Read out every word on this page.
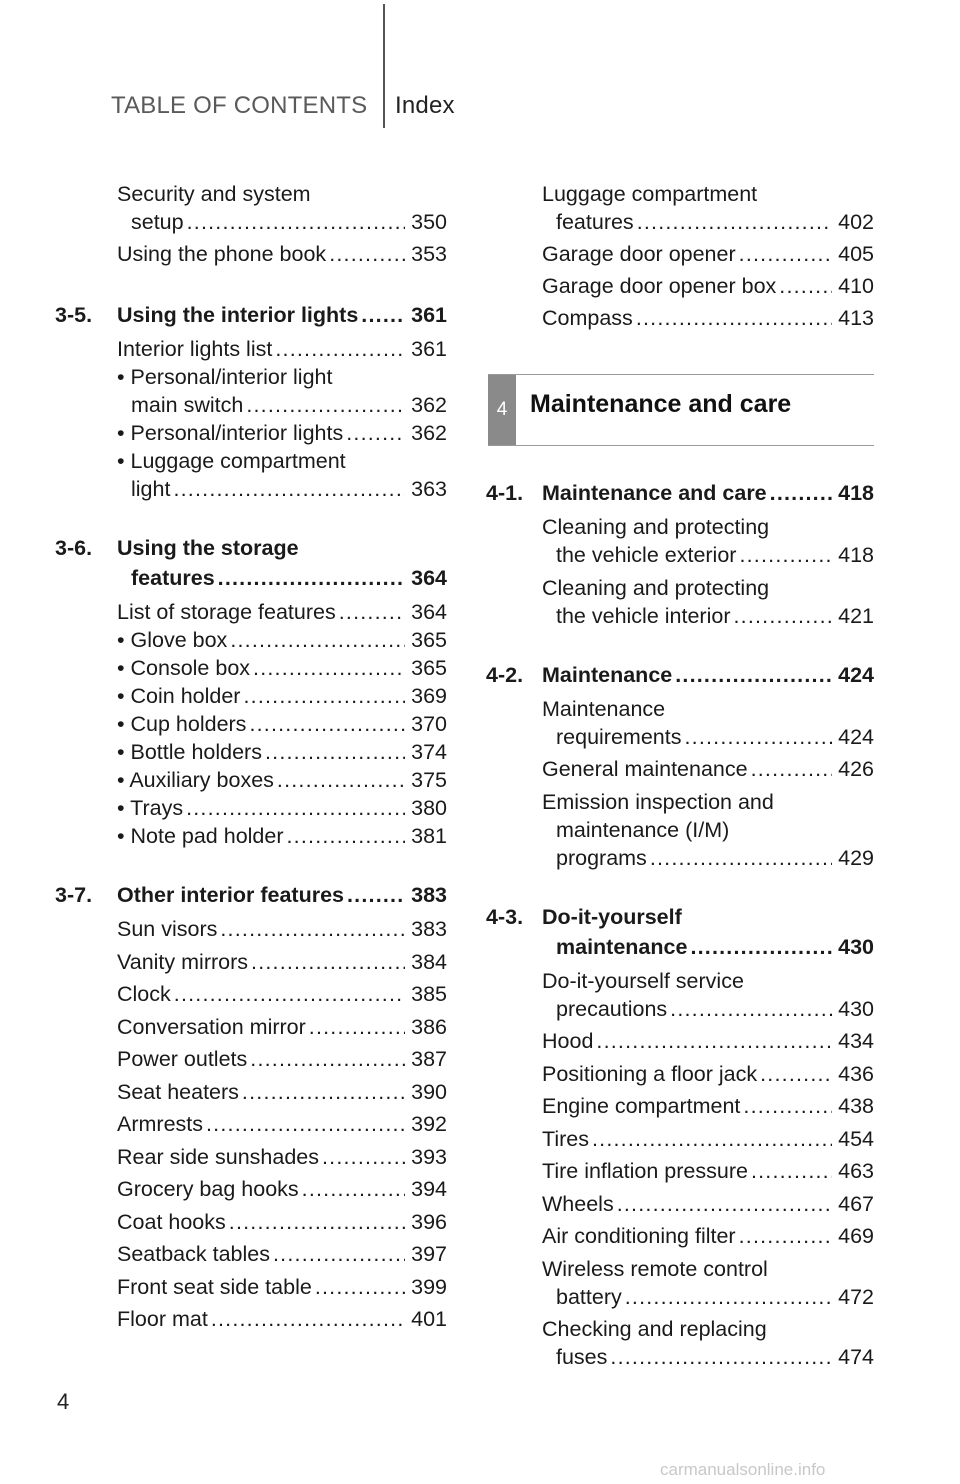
TABLE OF CONTENTS Index
Security and system
setup .....	350
Using the phone book .....	353
3-5. Using the interior lights ..... 361
Interior lights list .....	361
• Personal/interior light
main switch .....	362
• Personal/interior lights .....	362
• Luggage compartment
light .....	363
3-6. Using the storage
features .....	364
List of storage features .....	364
• Glove box .....	365
• Console box .....	365
• Coin holder .....	369
• Cup holders .....	370
• Bottle holders .....	374
• Auxiliary boxes .....	375
• Trays .....	380
• Note pad holder .....	381
3-7. Other interior features .....	383
Sun visors .....	383
Vanity mirrors .....	384
Clock .....	385
Conversation mirror .....	386
Power outlets .....	387
Seat heaters .....	390
Armrests .....	392
Rear side sunshades .....	393
Grocery bag hooks .....	394
Coat hooks .....	396
Seatback tables .....	397
Front seat side table .....	399
Floor mat .....	401
Luggage compartment
features .....	402
Garage door opener .....	405
Garage door opener box .....	410
Compass .....	413
4 Maintenance and care
4-1. Maintenance and care .....	418
Cleaning and protecting
the vehicle exterior .....	418
Cleaning and protecting
the vehicle interior .....	421
4-2. Maintenance .....	424
Maintenance
requirements .....	424
General maintenance .....	426
Emission inspection and
maintenance (I/M)
programs .....	429
4-3. Do-it-yourself
maintenance .....	430
Do-it-yourself service
precautions .....	430
Hood .....	434
Positioning a floor jack .....	436
Engine compartment .....	438
Tires .....	454
Tire inflation pressure .....	463
Wheels .....	467
Air conditioning filter .....	469
Wireless remote control
battery .....	472
Checking and replacing
fuses .....	474
4
carmanualsonline.info
